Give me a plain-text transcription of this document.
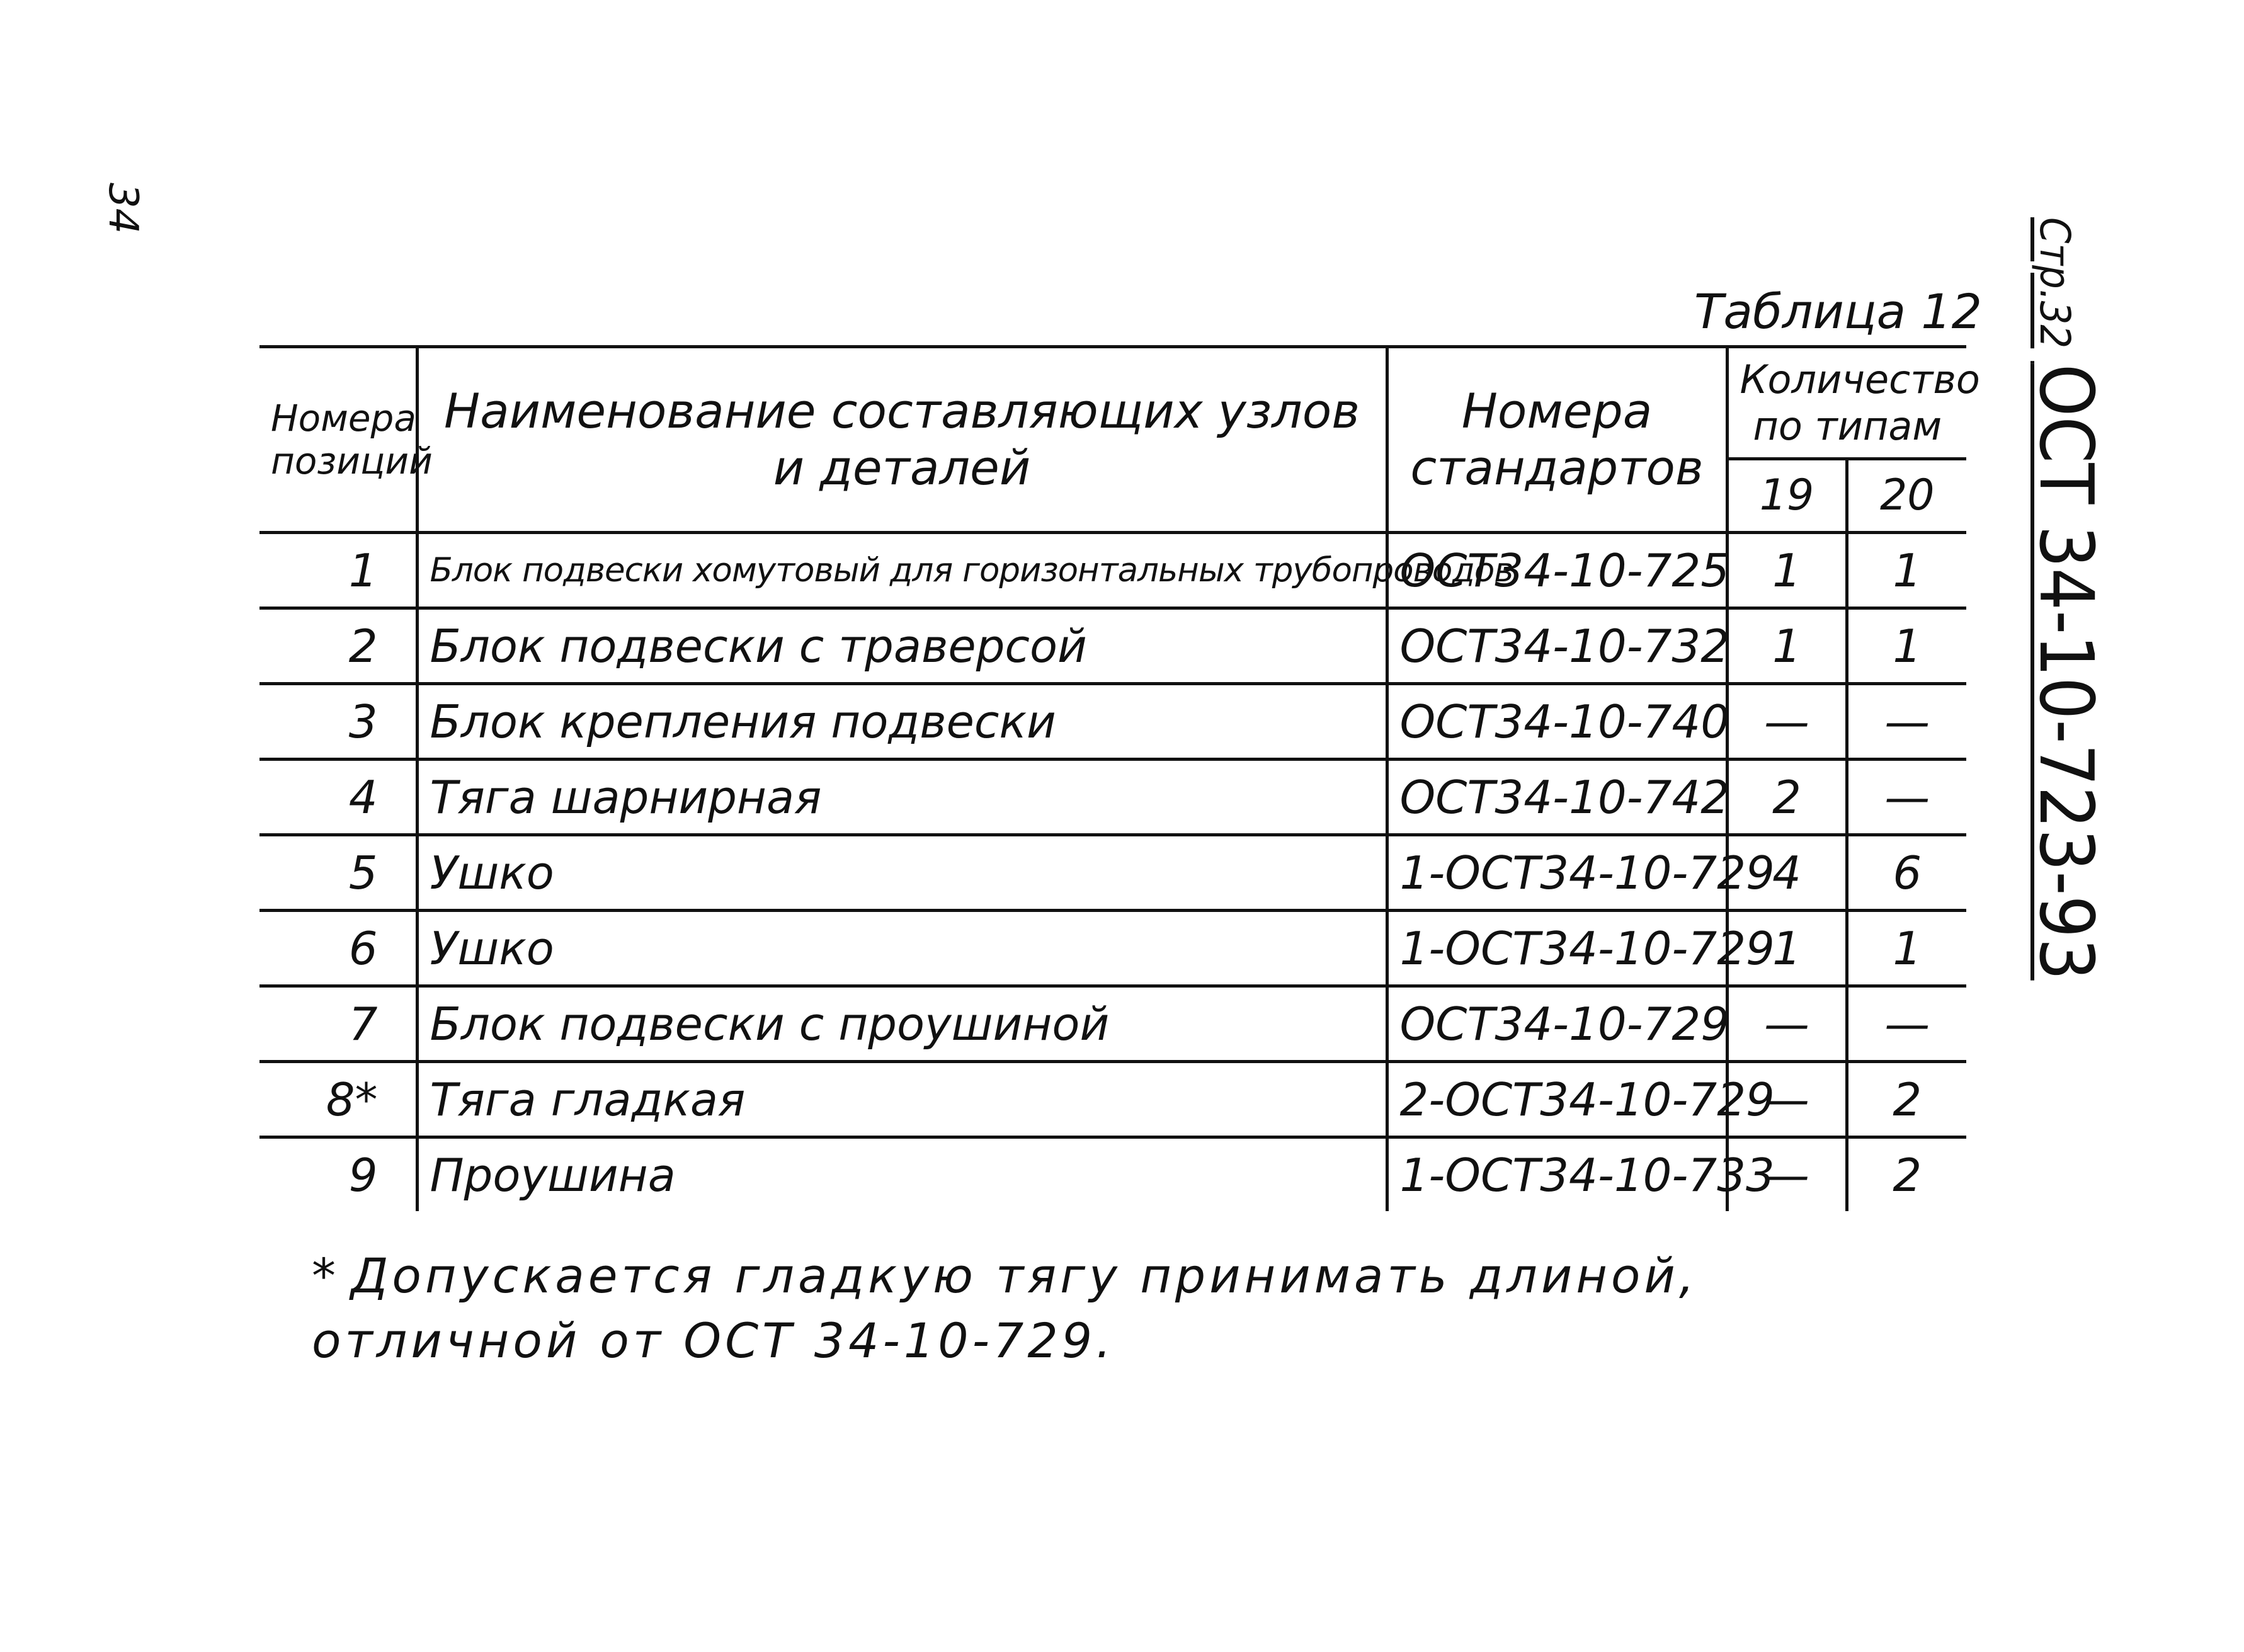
34
Стр.32 ОСТ 34-10-723-93
Таблица 12
Номера позиций	Наименование составляющих узлов и деталей	Номера стандартов	Количество по типам	
			19	20
1	Блок подвески хомутовый для горизонтальных трубопроводов	ОСТ34-10-725	1	1
2	Блок подвески с траверсой	ОСТ34-10-732	1	1
3	Блок крепления подвески	ОСТ34-10-740	—	—
4	Тяга шарнирная	ОСТ34-10-742	2	—
5	Ушко	1-ОСТ34-10-729	4	6
6	Ушко	1-ОСТ34-10-729	1	1
7	Блок подвески с проушиной	ОСТ34-10-729	—	—
8*	Тяга гладкая	2-ОСТ34-10-729	—	2
9	Проушина	1-ОСТ34-10-733	—	2
* Допускается гладкую тягу принимать длиной, отличной от ОСТ 34-10-729.
